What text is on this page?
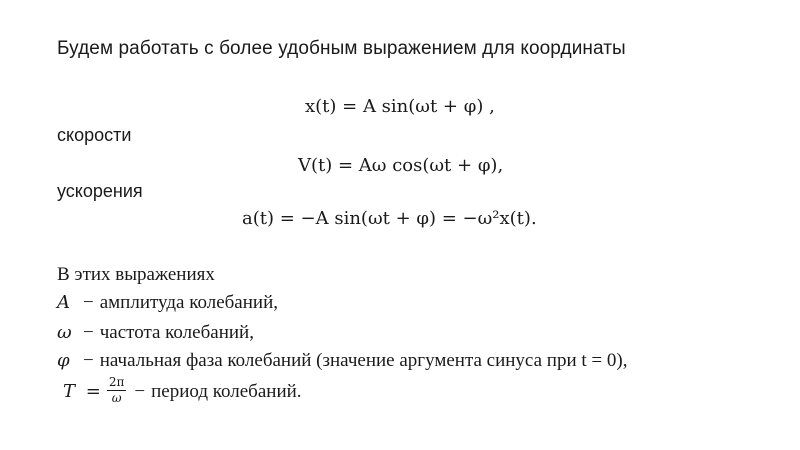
Будем работать с более удобным выражением для координаты
x(t) = A sin(ωt + φ) ,
скорости
V(t) = Aω cos(ωt + φ),
ускорения
a(t) = −A sin(ωt + φ) = −ω²x(t).
В этих выражениях
A − амплитуда колебаний,
ω − частота колебаний,
φ − начальная фаза колебаний (значение аргумента синуса при t = 0),
$T = \frac{2\pi}{\omega}$ − период колебаний.
